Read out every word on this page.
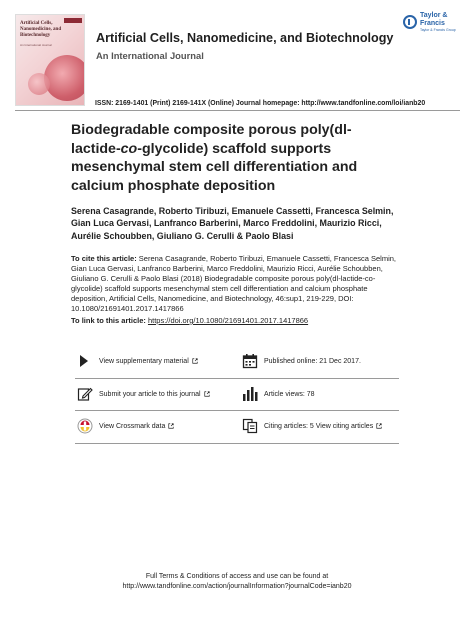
Artificial Cells, Nanomedicine, and Biotechnology
An International Journal	Artificial Cells, Nanomedicine, and Biotechnology
An International Journal
Taylor & Francis
Taylor & Francis Group
ISSN: 2169-1401 (Print) 2169-141X (Online) Journal homepage: http://www.tandfonline.com/loi/ianb20
Biodegradable composite porous poly(dl-
lactide-co-glycolide) scaffold supports
mesenchymal stem cell differentiation and
calcium phosphate deposition
Serena Casagrande, Roberto Tiribuzi, Emanuele Cassetti, Francesca Selmin, Gian Luca Gervasi, Lanfranco Barberini, Marco Freddolini, Maurizio Ricci, Aurélie Schoubben, Giuliano G. Cerulli & Paolo Blasi
To cite this article: Serena Casagrande, Roberto Tiribuzi, Emanuele Cassetti, Francesca Selmin, Gian Luca Gervasi, Lanfranco Barberini, Marco Freddolini, Maurizio Ricci, Aurélie Schoubben, Giuliano G. Cerulli & Paolo Blasi (2018) Biodegradable composite porous poly(dl-lactide-co-glycolide) scaffold supports mesenchymal stem cell differentiation and calcium phosphate deposition, Artificial Cells, Nanomedicine, and Biotechnology, 46:sup1, 219-229, DOI: 10.1080/21691401.2017.1417866
To link to this article: https://doi.org/10.1080/21691401.2017.1417866
View supplementary material	Published online: 21 Dec 2017.
Submit your article to this journal	Article views: 78
View Crossmark data	Citing articles: 5 View citing articles
Full Terms & Conditions of access and use can be found at
http://www.tandfonline.com/action/journalInformation?journalCode=ianb20
